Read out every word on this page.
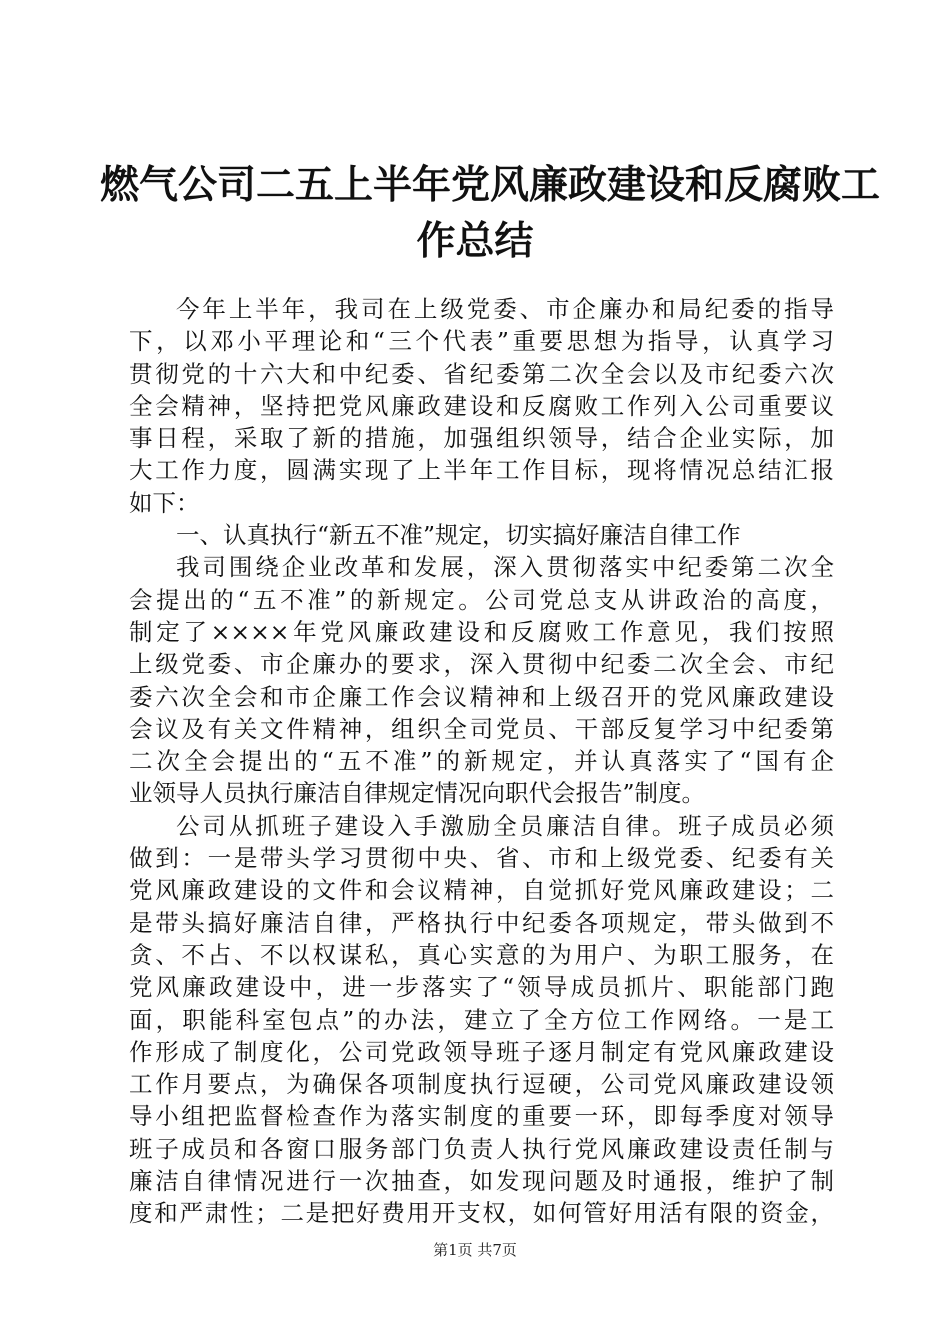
燃气公司二五上半年党风廉政建设和反腐败工
作总结
今年上半年，我司在上级党委、市企廉办和局纪委的指导
下，以邓小平理论和“三个代表”重要思想为指导，认真学习
贯彻党的十六大和中纪委、省纪委第二次全会以及市纪委六次
全会精神，坚持把党风廉政建设和反腐败工作列入公司重要议
事日程，采取了新的措施，加强组织领导，结合企业实际，加
大工作力度，圆满实现了上半年工作目标，现将情况总结汇报
如下：
一、认真执行“新五不准”规定，切实搞好廉洁自律工作
我司围绕企业改革和发展，深入贯彻落实中纪委第二次全
会提出的“五不准”的新规定。公司党总支从讲政治的高度，
制定了××××年党风廉政建设和反腐败工作意见，我们按照
上级党委、市企廉办的要求，深入贯彻中纪委二次全会、市纪
委六次全会和市企廉工作会议精神和上级召开的党风廉政建设
会议及有关文件精神，组织全司党员、干部反复学习中纪委第
二次全会提出的“五不准”的新规定，并认真落实了“国有企
业领导人员执行廉洁自律规定情况向职代会报告”制度。
公司从抓班子建设入手激励全员廉洁自律。班子成员必须
做到：一是带头学习贯彻中央、省、市和上级党委、纪委有关
党风廉政建设的文件和会议精神，自觉抓好党风廉政建设；二
是带头搞好廉洁自律，严格执行中纪委各项规定，带头做到不
贪、不占、不以权谋私，真心实意的为用户、为职工服务，在
党风廉政建设中，进一步落实了“领导成员抓片、职能部门跑
面，职能科室包点”的办法，建立了全方位工作网络。一是工
作形成了制度化，公司党政领导班子逐月制定有党风廉政建设
工作月要点，为确保各项制度执行逗硬，公司党风廉政建设领
导小组把监督检查作为落实制度的重要一环，即每季度对领导
班子成员和各窗口服务部门负责人执行党风廉政建设责任制与
廉洁自律情况进行一次抽查，如发现问题及时通报，维护了制
度和严肃性；二是把好费用开支权，如何管好用活有限的资金，
第1页 共7页
